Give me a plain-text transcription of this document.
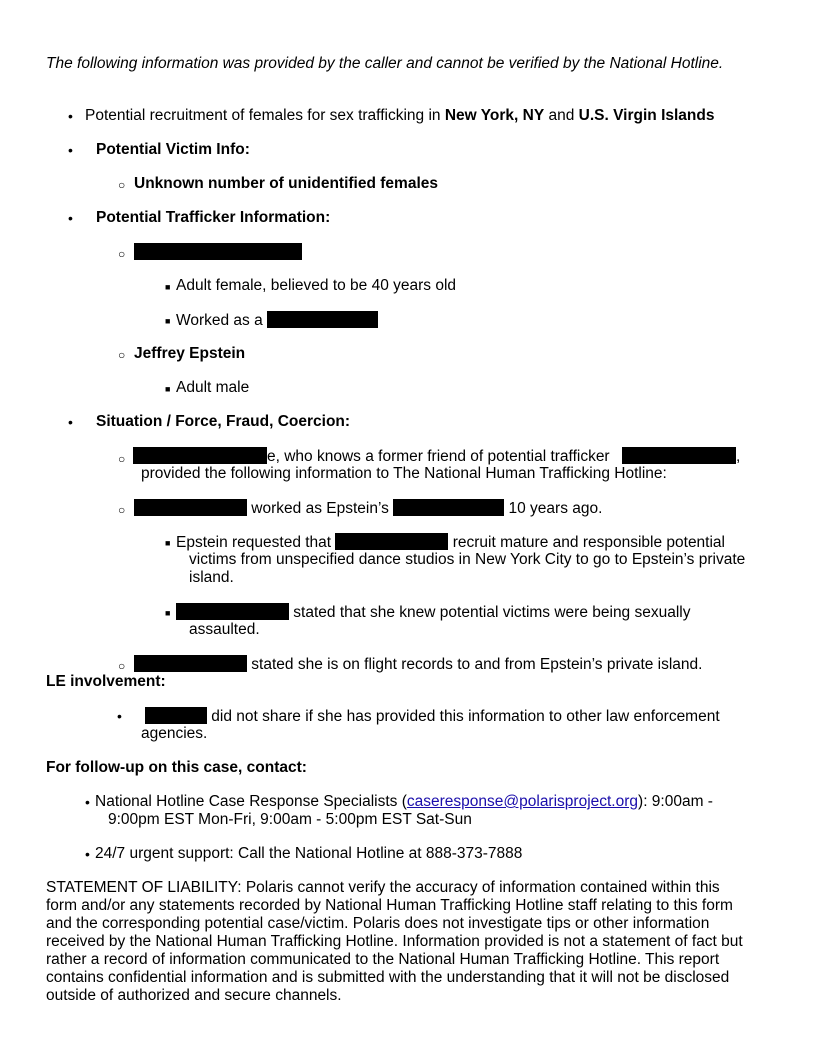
The following information was provided by the caller and cannot be verified by the National Hotline.
• Potential recruitment of females for sex trafficking in New York, NY and U.S. Virgin Islands
• Potential Victim Info:
○ Unknown number of unidentified females
• Potential Trafficker Information:
○
■ Adult female, believed to be 40 years old
■ Worked as a
○ Jeffrey Epstein
■ Adult male
• Situation / Force, Fraud, Coercion:
○	e, who knows a former friend of potential trafficker	,
provided the following information to The National Human Trafficking Hotline:
○	worked as Epstein’s	10 years ago.
■ Epstein requested that	recruit mature and responsible potential
victims from unspecified dance studios in New York City to go to Epstein’s private
island.
■	stated that she knew potential victims were being sexually
assaulted.
○	stated she is on flight records to and from Epstein’s private island.
LE involvement:
•	did not share if she has provided this information to other law enforcement
agencies.
For follow-up on this case, contact:
• National Hotline Case Response Specialists (caseresponse@polarisproject.org): 9:00am -
9:00pm EST Mon-Fri, 9:00am - 5:00pm EST Sat-Sun
• 24/7 urgent support: Call the National Hotline at 888-373-7888
STATEMENT OF LIABILITY: Polaris cannot verify the accuracy of information contained within this
form and/or any statements recorded by National Human Trafficking Hotline staff relating to this form
and the corresponding potential case/victim. Polaris does not investigate tips or other information
received by the National Human Trafficking Hotline. Information provided is not a statement of fact but
rather a record of information communicated to the National Human Trafficking Hotline. This report
contains confidential information and is submitted with the understanding that it will not be disclosed
outside of authorized and secure channels.
